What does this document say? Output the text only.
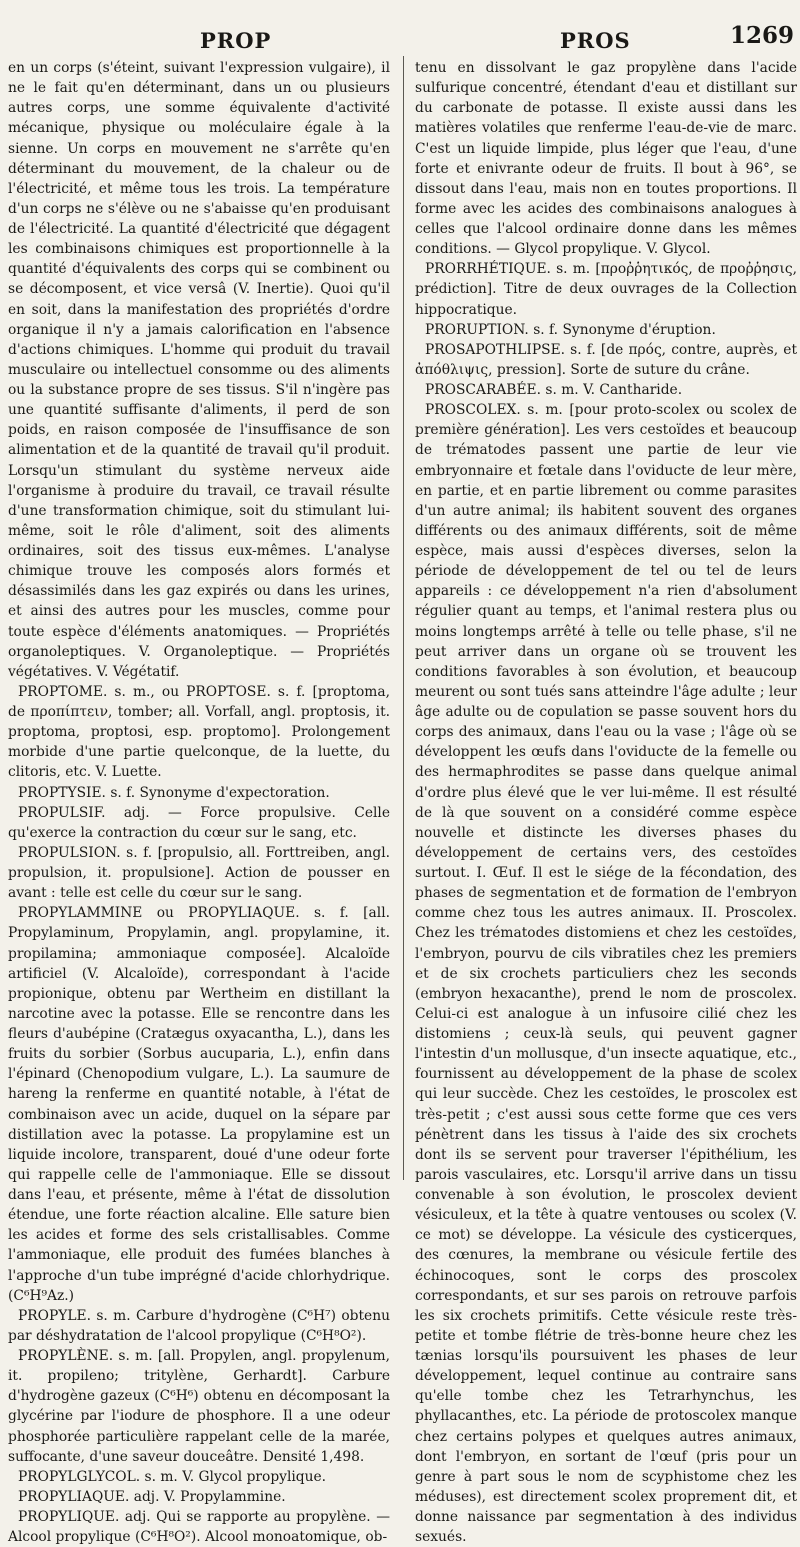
PROP	PROS	1269

en un corps (s'éteint, suivant l'expression vulgaire), il ne le fait qu'en déterminant, dans un ou plusieurs autres corps, une somme équivalente d'activité mécanique, physique ou moléculaire égale à la sienne. Un corps en mouvement ne s'arrête qu'en déterminant du mouvement, de la chaleur ou de l'électricité, et même tous les trois. La température d'un corps ne s'élève ou ne s'abaisse qu'en produisant de l'électricité. La quantité d'électricité que dégagent les combinaisons chimiques est proportionnelle à la quantité d'équivalents des corps qui se combinent ou se décomposent, et vice versâ (V. Inertie). Quoi qu'il en soit, dans la manifestation des propriétés d'ordre organique il n'y a jamais calorification en l'absence d'actions chimiques. L'homme qui produit du travail musculaire ou intellectuel consomme ou des aliments ou la substance propre de ses tissus. S'il n'ingère pas une quantité suffisante d'aliments, il perd de son poids, en raison composée de l'insuffisance de son alimentation et de la quantité de travail qu'il produit. Lorsqu'un stimulant du système nerveux aide l'organisme à produire du travail, ce travail résulte d'une transformation chimique, soit du stimulant lui-même, soit le rôle d'aliment, soit des aliments ordinaires, soit des tissus eux-mêmes. L'analyse chimique trouve les composés alors formés et désassimilés dans les gaz expirés ou dans les urines, et ainsi des autres pour les muscles, comme pour toute espèce d'éléments anatomiques. — Propriétés organoleptiques. V. Organoleptique. — Propriétés végétatives. V. Végétatif.

PROPTOME. s. m., ou PROPTOSE. s. f. [proptoma, de προπίπτειν, tomber; all. Vorfall, angl. proptosis, it. proptoma, proptosi, esp. proptomo]. Prolongement morbide d'une partie quelconque, de la luette, du clitoris, etc. V. Luette.

PROPTYSIE. s. f. Synonyme d'expectoration.

PROPULSIF. adj. — Force propulsive. Celle qu'exerce la contraction du cœur sur le sang, etc.

PROPULSION. s. f. [propulsio, all. Forttreiben, angl. propulsion, it. propulsione]. Action de pousser en avant : telle est celle du cœur sur le sang.

PROPYLAMMINE ou PROPYLIAQUE. s. f. [all. Propylaminum, Propylamin, angl. propylamine, it. propilamina; ammoniaque composée]. Alcaloïde artificiel (V. Alcaloïde), correspondant à l'acide propionique, obtenu par Wertheim en distillant la narcotine avec la potasse. Elle se rencontre dans les fleurs d'aubépine (Cratægus oxyacantha, L.), dans les fruits du sorbier (Sorbus aucuparia, L.), enfin dans l'épinard (Chenopodium vulgare, L.). La saumure de hareng la renferme en quantité notable, à l'état de combinaison avec un acide, duquel on la sépare par distillation avec la potasse. La propylamine est un liquide incolore, transparent, doué d'une odeur forte qui rappelle celle de l'ammoniaque. Elle se dissout dans l'eau, et présente, même à l'état de dissolution étendue, une forte réaction alcaline. Elle sature bien les acides et forme des sels cristallisables. Comme l'ammoniaque, elle produit des fumées blanches à l'approche d'un tube imprégné d'acide chlorhydrique. (C⁶H⁹Az.)

PROPYLE. s. m. Carbure d'hydrogène (C⁶H⁷) obtenu par déshydratation de l'alcool propylique (C⁶H⁸O²).

PROPYLÈNE. s. m. [all. Propylen, angl. propylenum, it. propileno; tritylène, Gerhardt]. Carbure d'hydrogène gazeux (C⁶H⁶) obtenu en décomposant la glycérine par l'iodure de phosphore. Il a une odeur phosphorée particulière rappelant celle de la marée, suffocante, d'une saveur douceâtre. Densité 1,498.

PROPYLGLYCOL. s. m. V. Glycol propylique.

PROPYLIAQUE. adj. V. Propylammine.

PROPYLIQUE. adj. Qui se rapporte au propylène. — Alcool propylique (C⁶H⁸O²). Alcool monoatomique, ob-

tenu en dissolvant le gaz propylène dans l'acide sulfurique concentré, étendant d'eau et distillant sur du carbonate de potasse. Il existe aussi dans les matières volatiles que renferme l'eau-de-vie de marc. C'est un liquide limpide, plus léger que l'eau, d'une forte et enivrante odeur de fruits. Il bout à 96°, se dissout dans l'eau, mais non en toutes proportions. Il forme avec les acides des combinaisons analogues à celles que l'alcool ordinaire donne dans les mêmes conditions. — Glycol propylique. V. Glycol.

PRORRHÉTIQUE. s. m. [προῤῥητικός, de προῤῥησις, prédiction]. Titre de deux ouvrages de la Collection hippocratique.

PRORUPTION. s. f. Synonyme d'éruption.

PROSAPOTHLIPSE. s. f. [de πρός, contre, auprès, et ἀπόθλιψις, pression]. Sorte de suture du crâne.

PROSCARABÉE. s. m. V. Cantharide.

PROSCOLEX. s. m. [pour proto-scolex ou scolex de première génération]. Les vers cestoïdes et beaucoup de trématodes passent une partie de leur vie embryonnaire et fœtale dans l'oviducte de leur mère, en partie, et en partie librement ou comme parasites d'un autre animal; ils habitent souvent des organes différents ou des animaux différents, soit de même espèce, mais aussi d'espèces diverses, selon la période de développement de tel ou tel de leurs appareils : ce développement n'a rien d'absolument régulier quant au temps, et l'animal restera plus ou moins longtemps arrêté à telle ou telle phase, s'il ne peut arriver dans un organe où se trouvent les conditions favorables à son évolution, et beaucoup meurent ou sont tués sans atteindre l'âge adulte ; leur âge adulte ou de copulation se passe souvent hors du corps des animaux, dans l'eau ou la vase ; l'âge où se développent les œufs dans l'oviducte de la femelle ou des hermaphrodites se passe dans quelque animal d'ordre plus élevé que le ver lui-même. Il est résulté de là que souvent on a considéré comme espèce nouvelle et distincte les diverses phases du développement de certains vers, des cestoïdes surtout. I. Œuf. Il est le siége de la fécondation, des phases de segmentation et de formation de l'embryon comme chez tous les autres animaux. II. Proscolex. Chez les trématodes distomiens et chez les cestoïdes, l'embryon, pourvu de cils vibratiles chez les premiers et de six crochets particuliers chez les seconds (embryon hexacanthe), prend le nom de proscolex. Celui-ci est analogue à un infusoire cilié chez les distomiens ; ceux-là seuls, qui peuvent gagner l'intestin d'un mollusque, d'un insecte aquatique, etc., fournissent au développement de la phase de scolex qui leur succède. Chez les cestoïdes, le proscolex est très-petit ; c'est aussi sous cette forme que ces vers pénètrent dans les tissus à l'aide des six crochets dont ils se servent pour traverser l'épithélium, les parois vasculaires, etc. Lorsqu'il arrive dans un tissu convenable à son évolution, le proscolex devient vésiculeux, et la tête à quatre ventouses ou scolex (V. ce mot) se développe. La vésicule des cysticerques, des cœnures, la membrane ou vésicule fertile des échinocoques, sont le corps des proscolex correspondants, et sur ses parois on retrouve parfois les six crochets primitifs. Cette vésicule reste très-petite et tombe flétrie de très-bonne heure chez les tænias lorsqu'ils poursuivent les phases de leur développement, lequel continue au contraire sans qu'elle tombe chez les Tetrarhynchus, les phyllacanthes, etc. La période de protoscolex manque chez certains polypes et quelques autres animaux, dont l'embryon, en sortant de l'œuf (pris pour un genre à part sous le nom de scyphistome chez les méduses), est directement scolex proprement dit, et donne naissance par segmentation à des individus sexués.
